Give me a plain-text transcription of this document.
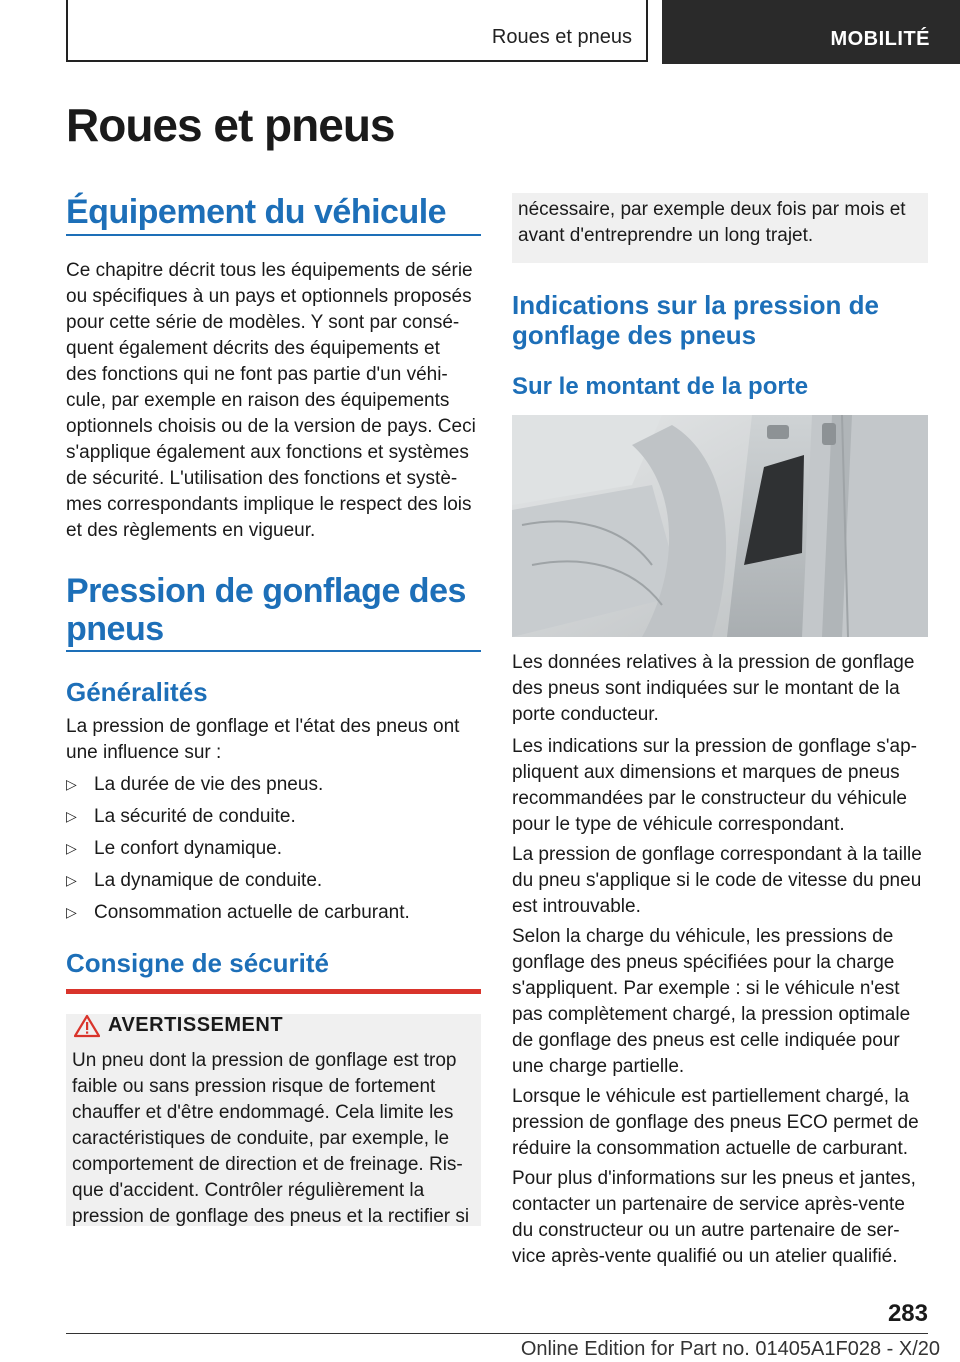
Roues et pneus	MOBILITÉ
Roues et pneus
Équipement du véhicule

Ce chapitre décrit tous les équipements de série

ou spécifiques à un pays et optionnels proposés

pour cette série de modèles. Y sont par consé-

quent également décrits des équipements et

des fonctions qui ne font pas partie d'un véhi-

cule, par exemple en raison des équipements

optionnels choisis ou de la version de pays. Ceci

s'applique également aux fonctions et systèmes

de sécurité. L'utilisation des fonctions et systè-

mes correspondants implique le respect des lois

et des règlements en vigueur.

Pression de gonflage des
pneus
Généralités

La pression de gonflage et l'état des pneus ont

une influence sur :

▷ La durée de vie des pneus.
▷ La sécurité de conduite.
▷ Le confort dynamique.
▷ La dynamique de conduite.
▷ Consommation actuelle de carburant.
Consigne de sécurité
AVERTISSEMENT

Un pneu dont la pression de gonflage est trop

faible ou sans pression risque de fortement

chauffer et d'être endommagé. Cela limite les

caractéristiques de conduite, par exemple, le

comportement de direction et de freinage. Ris-

que d'accident. Contrôler régulièrement la

pression de gonflage des pneus et la rectifier si

nécessaire, par exemple deux fois par mois et

avant d'entreprendre un long trajet.

Indications sur la pression de
gonflage des pneus
Sur le montant de la porte

Les données relatives à la pression de gonflage

des pneus sont indiquées sur le montant de la

porte conducteur.

Les indications sur la pression de gonflage s'ap-

pliquent aux dimensions et marques de pneus

recommandées par le constructeur du véhicule

pour le type de véhicule correspondant.

La pression de gonflage correspondant à la taille

du pneu s'applique si le code de vitesse du pneu

est introuvable.

Selon la charge du véhicule, les pressions de

gonflage des pneus spécifiées pour la charge

s'appliquent. Par exemple : si le véhicule n'est

pas complètement chargé, la pression optimale

de gonflage des pneus est celle indiquée pour

une charge partielle.

Lorsque le véhicule est partiellement chargé, la

pression de gonflage des pneus ECO permet de

réduire la consommation actuelle de carburant.

Pour plus d'informations sur les pneus et jantes,

contacter un partenaire de service après-vente

du constructeur ou un autre partenaire de ser-

vice après-vente qualifié ou un atelier qualifié.

283
Online Edition for Part no. 01405A1F028 - X/20
